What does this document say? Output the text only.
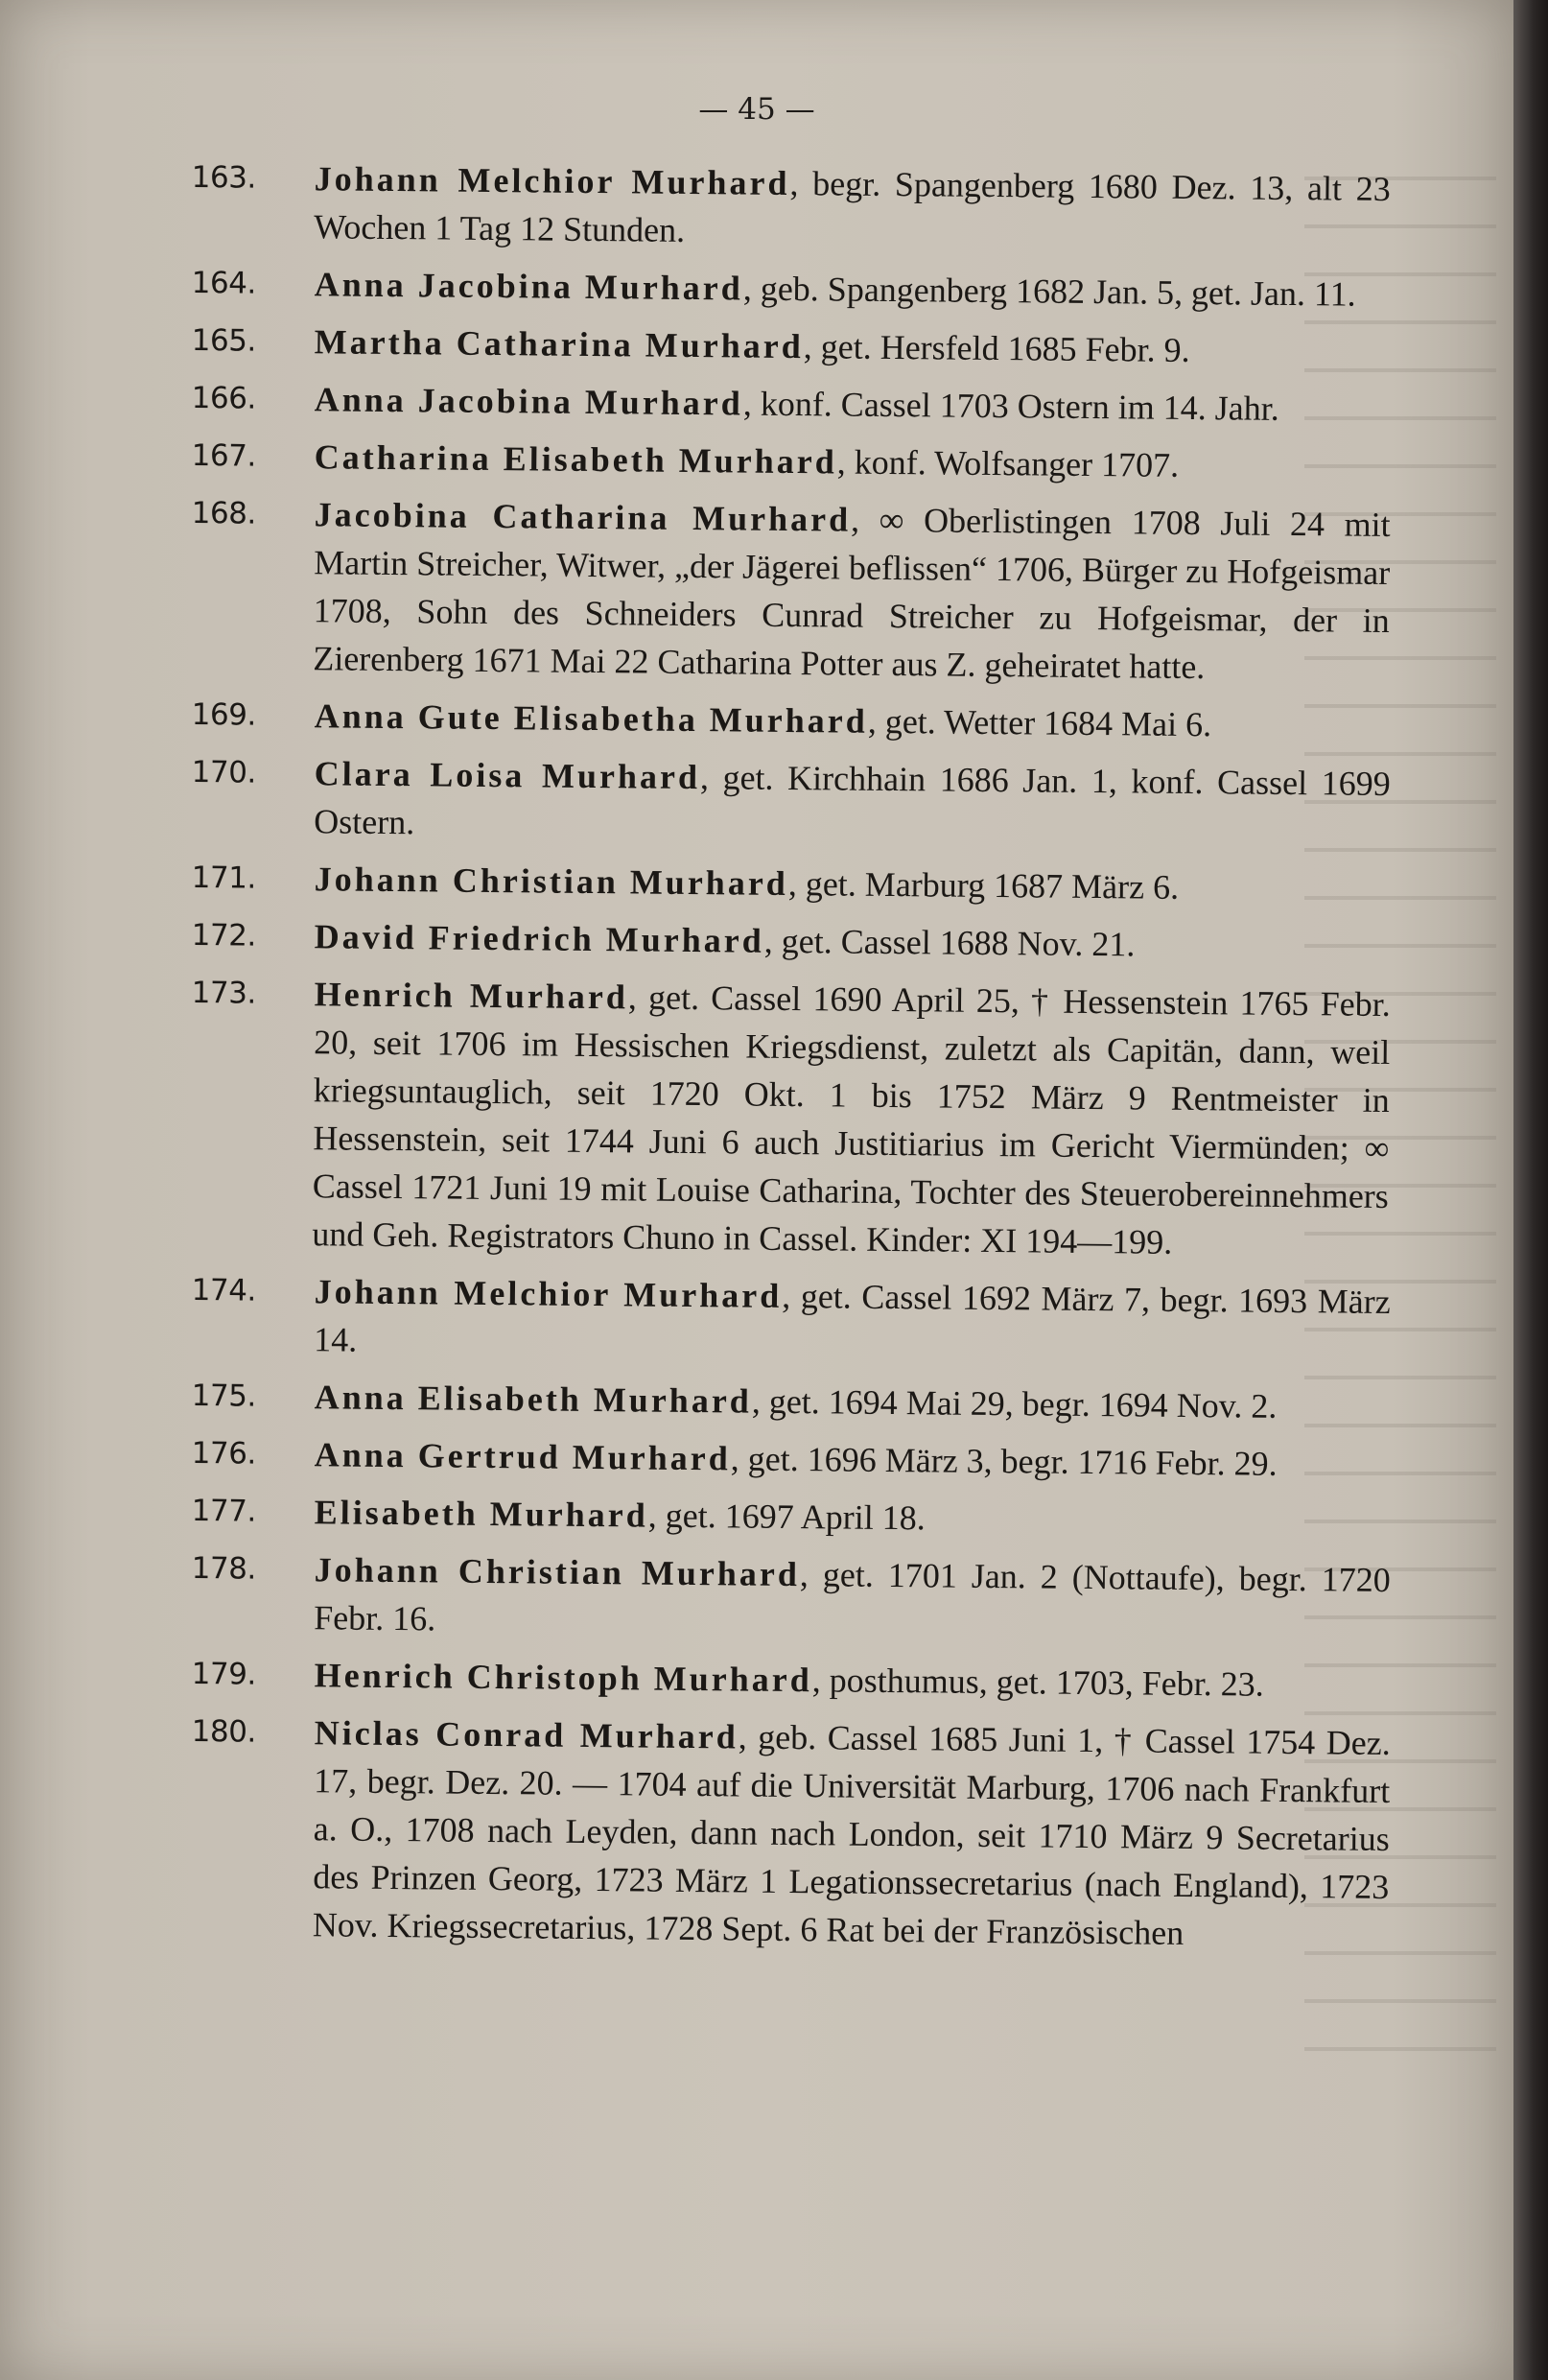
— 45 —
163.	Johann Melchior Murhard, begr. Spangenberg 1680 Dez. 13, alt 23 Wochen 1 Tag 12 Stunden.
164.	Anna Jacobina Murhard, geb. Spangenberg 1682 Jan. 5, get. Jan. 11.
165.	Martha Catharina Murhard, get. Hersfeld 1685 Febr. 9.
166.	Anna Jacobina Murhard, konf. Cassel 1703 Ostern im 14. Jahr.
167.	Catharina Elisabeth Murhard, konf. Wolfsanger 1707.
168.	Jacobina Catharina Murhard, ∞ Oberlistingen 1708 Juli 24 mit Martin Streicher, Witwer, „der Jägerei beflissen“ 1706, Bürger zu Hofgeismar 1708, Sohn des Schneiders Cunrad Streicher zu Hofgeismar, der in Zierenberg 1671 Mai 22 Catharina Potter aus Z. geheiratet hatte.
169.	Anna Gute Elisabetha Murhard, get. Wetter 1684 Mai 6.
170.	Clara Loisa Murhard, get. Kirchhain 1686 Jan. 1, konf. Cassel 1699 Ostern.
171.	Johann Christian Murhard, get. Marburg 1687 März 6.
172.	David Friedrich Murhard, get. Cassel 1688 Nov. 21.
173.	Henrich Murhard, get. Cassel 1690 April 25, † Hessenstein 1765 Febr. 20, seit 1706 im Hessischen Kriegsdienst, zuletzt als Capitän, dann, weil kriegsuntauglich, seit 1720 Okt. 1 bis 1752 März 9 Rentmeister in Hessenstein, seit 1744 Juni 6 auch Justitiarius im Gericht Viermünden; ∞ Cassel 1721 Juni 19 mit Louise Catharina, Tochter des Steuerobereinnehmers und Geh. Registrators Chuno in Cassel. Kinder: XI 194—199.
174.	Johann Melchior Murhard, get. Cassel 1692 März 7, begr. 1693 März 14.
175.	Anna Elisabeth Murhard, get. 1694 Mai 29, begr. 1694 Nov. 2.
176.	Anna Gertrud Murhard, get. 1696 März 3, begr. 1716 Febr. 29.
177.	Elisabeth Murhard, get. 1697 April 18.
178.	Johann Christian Murhard, get. 1701 Jan. 2 (Nottaufe), begr. 1720 Febr. 16.
179.	Henrich Christoph Murhard, posthumus, get. 1703, Febr. 23.
180.	Niclas Conrad Murhard, geb. Cassel 1685 Juni 1, † Cassel 1754 Dez. 17, begr. Dez. 20. — 1704 auf die Universität Marburg, 1706 nach Frankfurt a. O., 1708 nach Leyden, dann nach London, seit 1710 März 9 Secretarius des Prinzen Georg, 1723 März 1 Legationssecretarius (nach England), 1723 Nov. Kriegssecretarius, 1728 Sept. 6 Rat bei der Französischen
